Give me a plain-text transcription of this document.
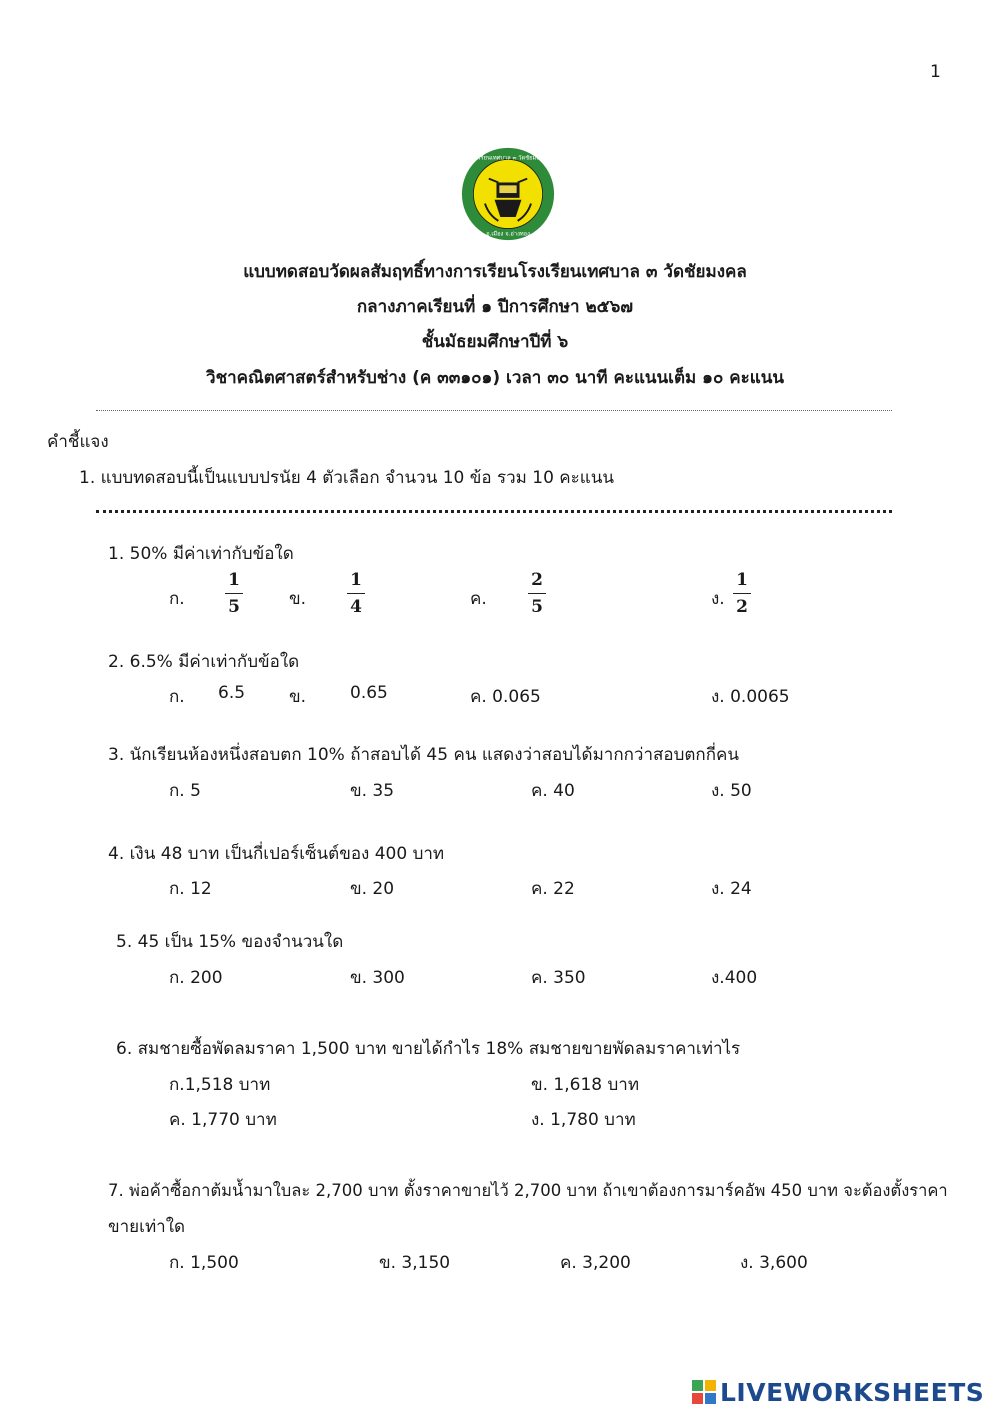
1
โรงเรียนเทศบาล ๓ วัดชัยมงคล
อ.เมือง จ.อ่างทอง
แบบทดสอบวัดผลสัมฤทธิ์ทางการเรียนโรงเรียนเทศบาล ๓ วัดชัยมงคล
กลางภาคเรียนที่ ๑ ปีการศึกษา ๒๕๖๗
ชั้นมัธยมศึกษาปีที่ ๖
วิชาคณิตศาสตร์สำหรับช่าง (ค ๓๓๑๐๑) เวลา ๓๐ นาที คะแนนเต็ม ๑๐ คะแนน
คำชี้แจง
1. แบบทดสอบนี้เป็นแบบปรนัย 4 ตัวเลือก จำนวน 10 ข้อ รวม 10 คะแนน
1. 50% มีค่าเท่ากับข้อใด
ก.
1
5	ข.
1
4	ค.
2
5	ง.
1
2
2. 6.5% มีค่าเท่ากับข้อใด
ก. 6.5	ข.	0.65	ค. 0.065	ง. 0.0065
3. นักเรียนห้องหนึ่งสอบตก 10% ถ้าสอบได้ 45 คน แสดงว่าสอบได้มากกว่าสอบตกกี่คน
ก. 5	ข. 35	ค. 40	ง. 50
4. เงิน 48 บาท เป็นกี่เปอร์เซ็นต์ของ 400 บาท
ก. 12	ข. 20	ค. 22	ง. 24
5. 45 เป็น 15% ของจำนวนใด
ก. 200	ข. 300	ค. 350	ง.400
6. สมชายซื้อพัดลมราคา 1,500 บาท ขายได้กำไร 18% สมชายขายพัดลมราคาเท่าไร
ก.1,518 บาท	ข. 1,618 บาท
ค. 1,770 บาท	ง. 1,780 บาท
7. พ่อค้าซื้อกาต้มน้ำมาใบละ 2,700 บาท ตั้งราคาขายไว้ 2,700 บาท ถ้าเขาต้องการมาร์คอัพ 450 บาท จะต้องตั้งราคา
ขายเท่าใด
ก. 1,500	ข. 3,150	ค. 3,200	ง. 3,600
LIVEWORKSHEETS
